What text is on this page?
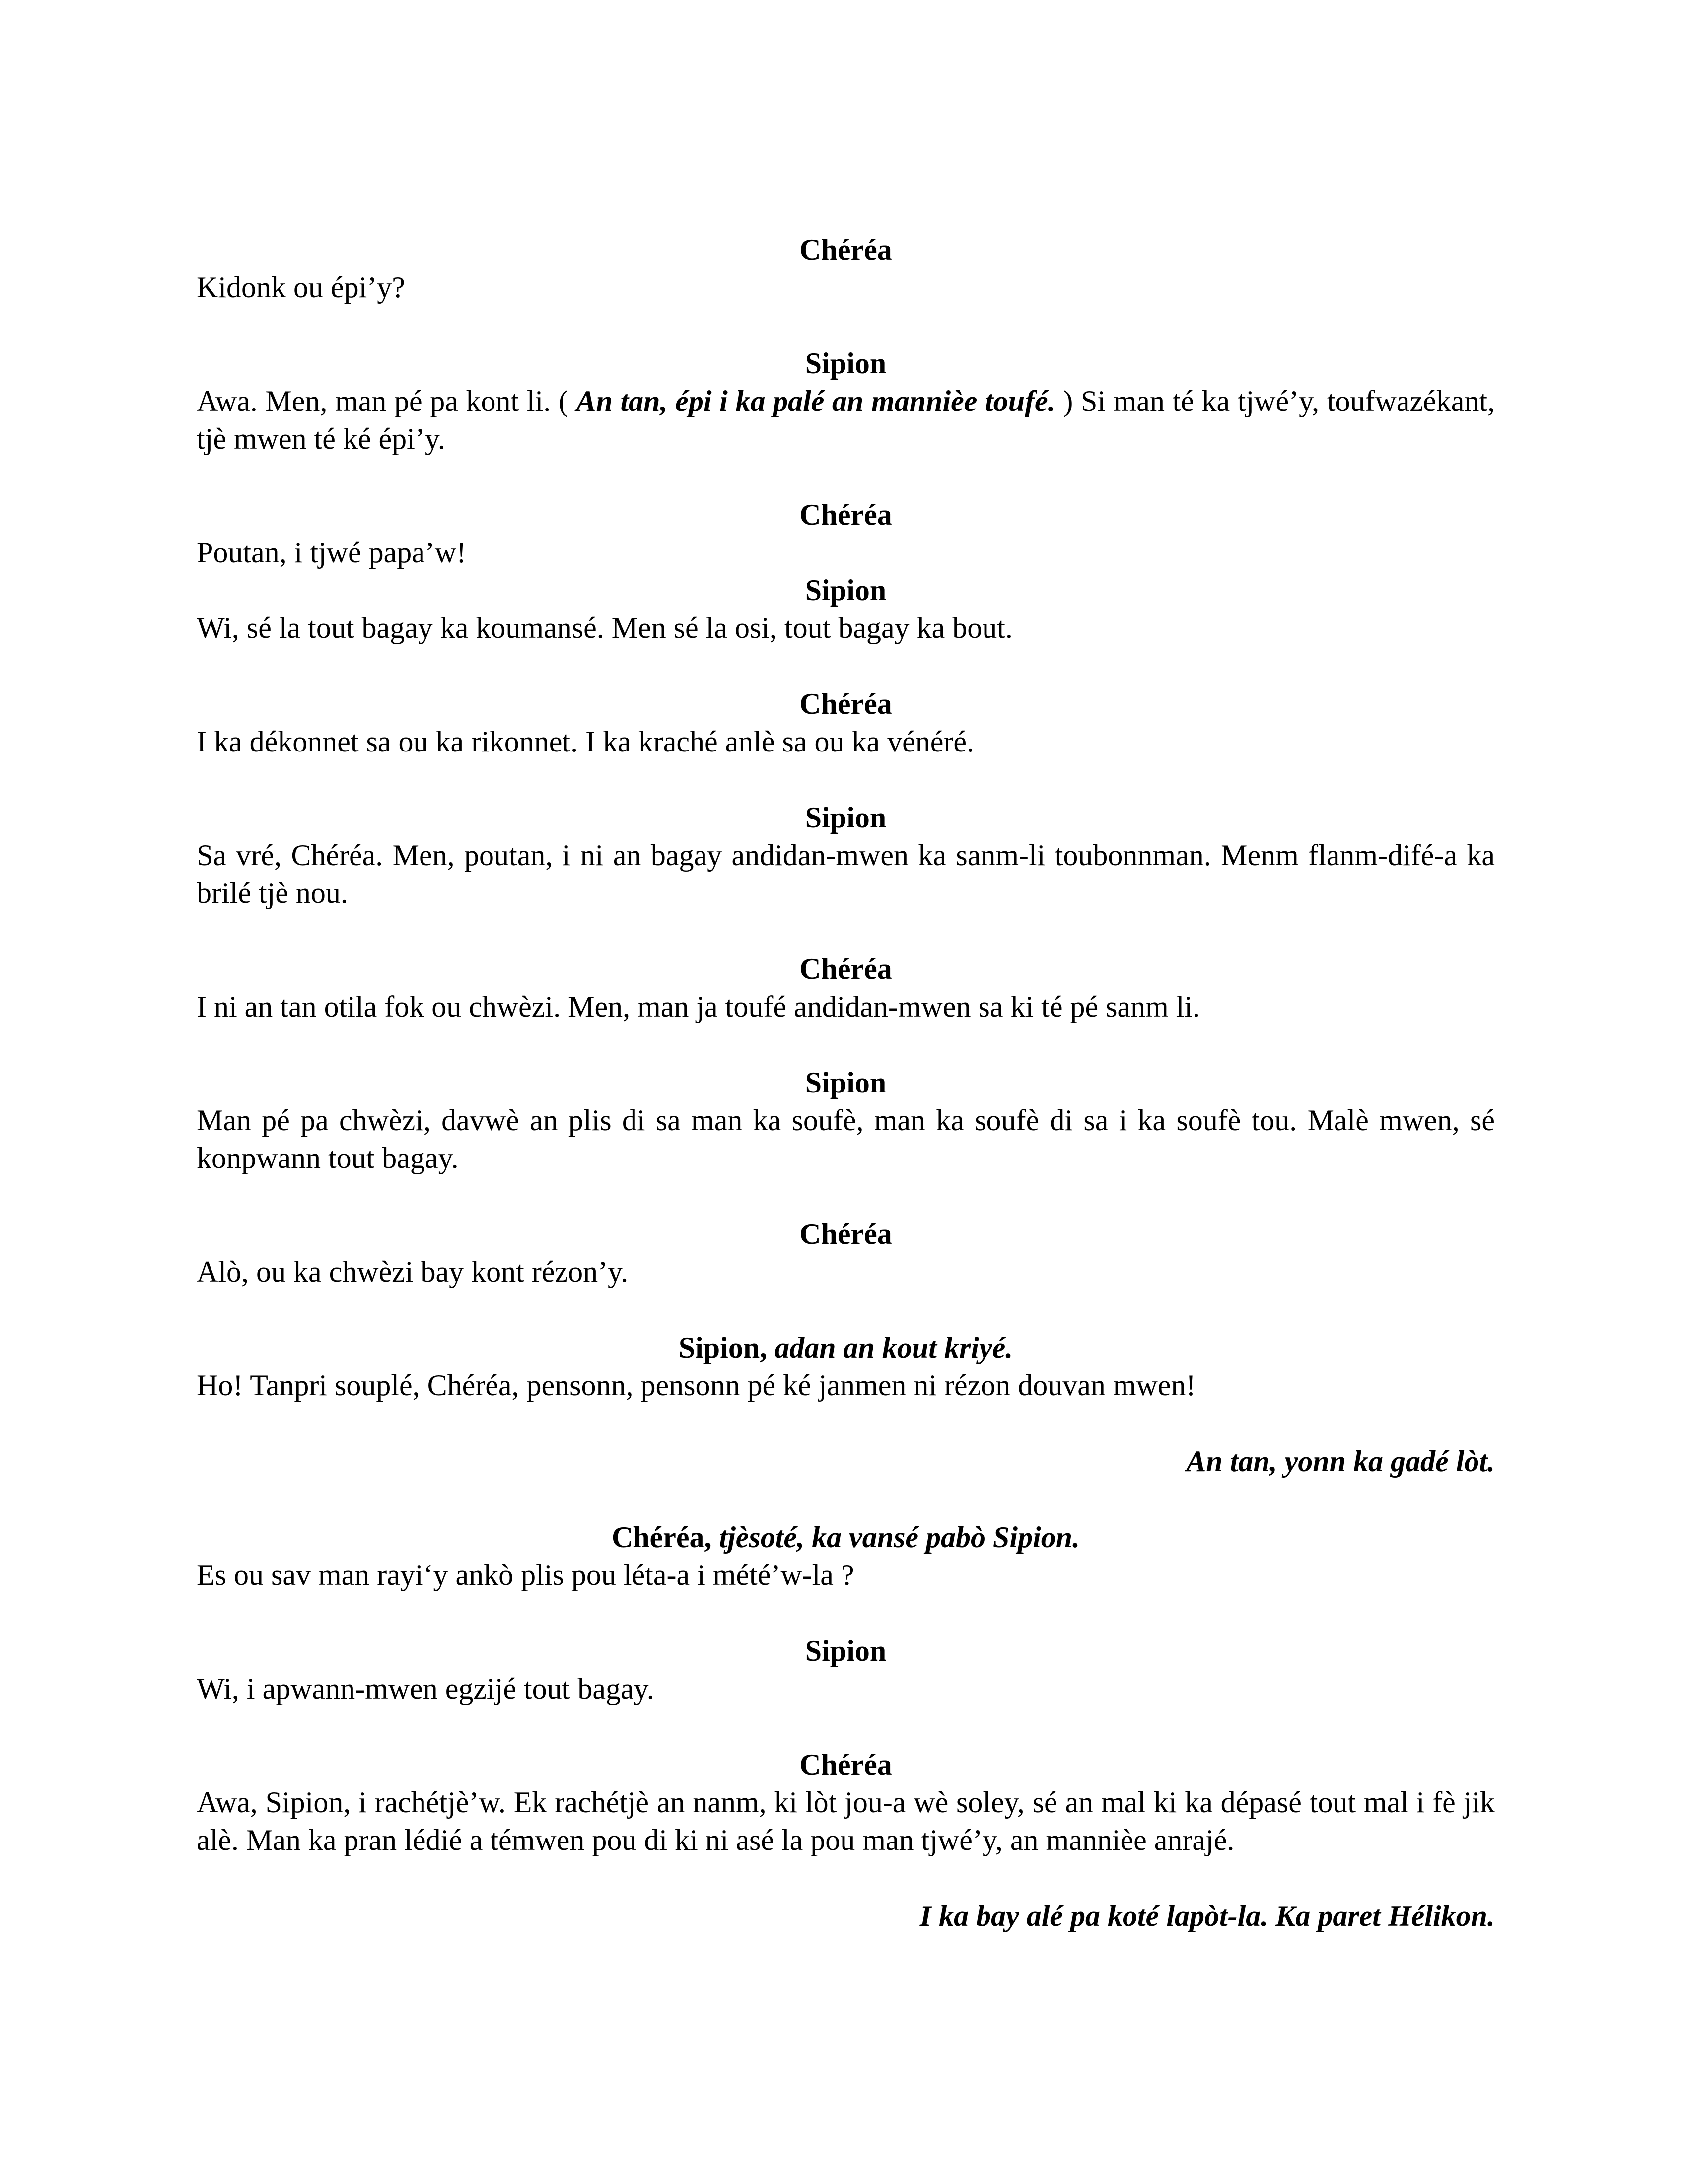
Chéréa
Kidonk ou épi’y?
Sipion
Awa. Men, man pé pa kont li. ( An tan, épi i ka palé an mannièe toufé. ) Si man té ka tjwé’y, toufwazékant, tjè mwen té ké épi’y.
Chéréa
Poutan, i tjwé papa’w!
Sipion
Wi, sé la tout bagay ka koumansé. Men sé la osi, tout bagay ka bout.
Chéréa
I ka dékonnet sa ou ka rikonnet. I ka kraché anlè sa ou ka vénéré.
Sipion
Sa vré, Chéréa. Men, poutan, i ni an bagay andidan-mwen ka sanm-li toubonnman. Menm flanm-difé-a ka brilé tjè nou.
Chéréa
I ni an tan otila fok ou chwèzi. Men, man ja toufé andidan-mwen sa ki té pé sanm li.
Sipion
Man pé pa chwèzi, davwè an plis di sa man ka soufè, man ka soufè di sa i ka soufè tou. Malè mwen, sé konpwann tout bagay.
Chéréa
Alò, ou ka chwèzi bay kont rézon’y.
Sipion, adan an kout kriyé.
Ho! Tanpri souplé, Chéréa, pensonn, pensonn pé ké janmen ni rézon douvan mwen!
An tan, yonn ka gadé lòt.
Chéréa, tjèsoté, ka vansé pabò Sipion.
Es ou sav man rayi‘y ankò plis pou léta-a i mété’w-la ?
Sipion
Wi, i apwann-mwen egzijé tout bagay.
Chéréa
Awa, Sipion, i rachétjè’w. Ek rachétjè an nanm, ki lòt jou-a wè soley, sé an mal ki ka dépasé tout mal i fè jik alè. Man ka pran lédié a témwen pou di ki ni asé la pou man tjwé’y, an mannièe anrajé.
I ka bay alé pa koté lapòt-la. Ka paret Hélikon.
